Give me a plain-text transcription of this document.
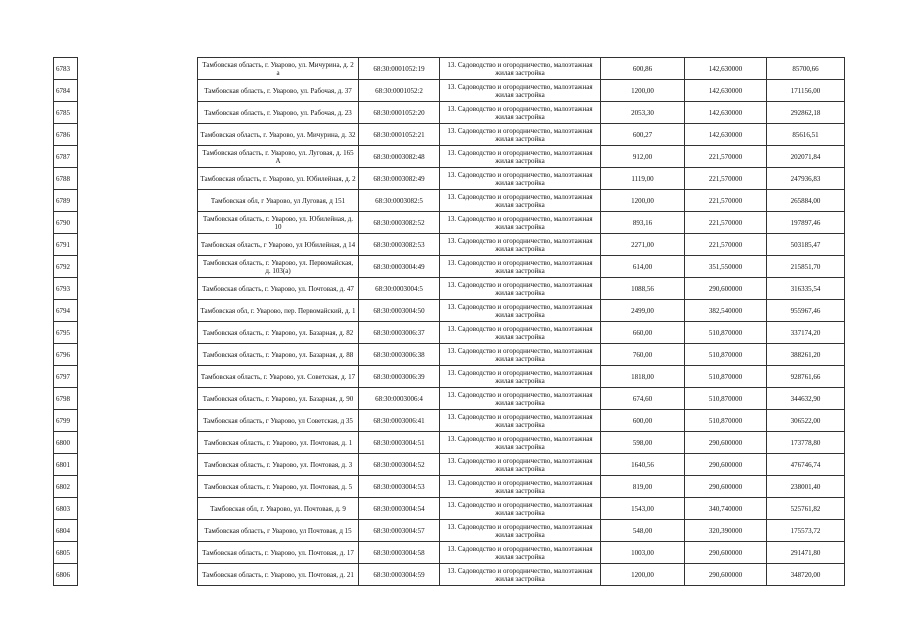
6783		Тамбовская область, г. Уварово, ул. Мичурина, д. 2 а	68:30:0001052:19	13. Садоводство и огородничество, малоэтажная жилая застройка	600,86	142,630000	85700,66
6784		Тамбовская область, г. Уварово, ул. Рабочая, д. 37	68:30:0001052:2	13. Садоводство и огородничество, малоэтажная жилая застройка	1200,00	142,630000	171156,00
6785		Тамбовская область, г. Уварово, ул. Рабочая, д. 23	68:30:0001052:20	13. Садоводство и огородничество, малоэтажная жилая застройка	2053,30	142,630000	292862,18
6786		Тамбовская область, г. Уварово, ул. Мичурина, д. 32	68:30:0001052:21	13. Садоводство и огородничество, малоэтажная жилая застройка	600,27	142,630000	85616,51
6787		Тамбовская область, г. Уварово, ул. Луговая, д. 165 А	68:30:0003082:48	13. Садоводство и огородничество, малоэтажная жилая застройка	912,00	221,570000	202071,84
6788		Тамбовская область, г. Уварово, ул. Юбилейная, д. 2	68:30:0003082:49	13. Садоводство и огородничество, малоэтажная жилая застройка	1119,00	221,570000	247936,83
6789		Тамбовская обл, г Уварово, ул Луговая, д 151	68:30:0003082:5	13. Садоводство и огородничество, малоэтажная жилая застройка	1200,00	221,570000	265884,00
6790		Тамбовская область, г. Уварово, ул. Юбилейная, д. 10	68:30:0003082:52	13. Садоводство и огородничество, малоэтажная жилая застройка	893,16	221,570000	197897,46
6791		Тамбовская область, г Уварово, ул Юбилейная, д 14	68:30:0003082:53	13. Садоводство и огородничество, малоэтажная жилая застройка	2271,00	221,570000	503185,47
6792		Тамбовская область, г. Уварово, ул. Первомайская, д. 103(а)	68:30:0003004:49	13. Садоводство и огородничество, малоэтажная жилая застройка	614,00	351,550000	215851,70
6793		Тамбовская область, г. Уварово, ул. Почтовая, д. 47	68:30:0003004:5	13. Садоводство и огородничество, малоэтажная жилая застройка	1088,56	290,600000	316335,54
6794		Тамбовская обл, г. Уварово, пер. Первомайский, д. 1	68:30:0003004:50	13. Садоводство и огородничество, малоэтажная жилая застройка	2499,00	382,540000	955967,46
6795		Тамбовская область, г. Уварово, ул. Базарная, д. 82	68:30:0003006:37	13. Садоводство и огородничество, малоэтажная жилая застройка	660,00	510,870000	337174,20
6796		Тамбовская область, г. Уварово, ул. Базарная, д. 88	68:30:0003006:38	13. Садоводство и огородничество, малоэтажная жилая застройка	760,00	510,870000	388261,20
6797		Тамбовская область, г. Уварово, ул. Советская, д. 17	68:30:0003006:39	13. Садоводство и огородничество, малоэтажная жилая застройка	1818,00	510,870000	928761,66
6798		Тамбовская область, г. Уварово, ул. Базарная, д. 90	68:30:0003006:4	13. Садоводство и огородничество, малоэтажная жилая застройка	674,60	510,870000	344632,90
6799		Тамбовская область, г Уварово, ул Советская, д 35	68:30:0003006:41	13. Садоводство и огородничество, малоэтажная жилая застройка	600,00	510,870000	306522,00
6800		Тамбовская область, г. Уварово, ул. Почтовая, д. 1	68:30:0003004:51	13. Садоводство и огородничество, малоэтажная жилая застройка	598,00	290,600000	173778,80
6801		Тамбовская область, г. Уварово, ул. Почтовая, д. 3	68:30:0003004:52	13. Садоводство и огородничество, малоэтажная жилая застройка	1640,56	290,600000	476746,74
6802		Тамбовская область, г. Уварово, ул. Почтовая, д. 5	68:30:0003004:53	13. Садоводство и огородничество, малоэтажная жилая застройка	819,00	290,600000	238001,40
6803		Тамбовская обл, г. Уварово, ул. Почтовая, д. 9	68:30:0003004:54	13. Садоводство и огородничество, малоэтажная жилая застройка	1543,00	340,740000	525761,82
6804		Тамбовская область, г Уварово, ул Почтовая, д 15	68:30:0003004:57	13. Садоводство и огородничество, малоэтажная жилая застройка	548,00	320,390000	175573,72
6805		Тамбовская область, г. Уварово, ул. Почтовая, д. 17	68:30:0003004:58	13. Садоводство и огородничество, малоэтажная жилая застройка	1003,00	290,600000	291471,80
6806		Тамбовская область, г. Уварово, ул. Почтовая, д. 21	68:30:0003004:59	13. Садоводство и огородничество, малоэтажная жилая застройка	1200,00	290,600000	348720,00
